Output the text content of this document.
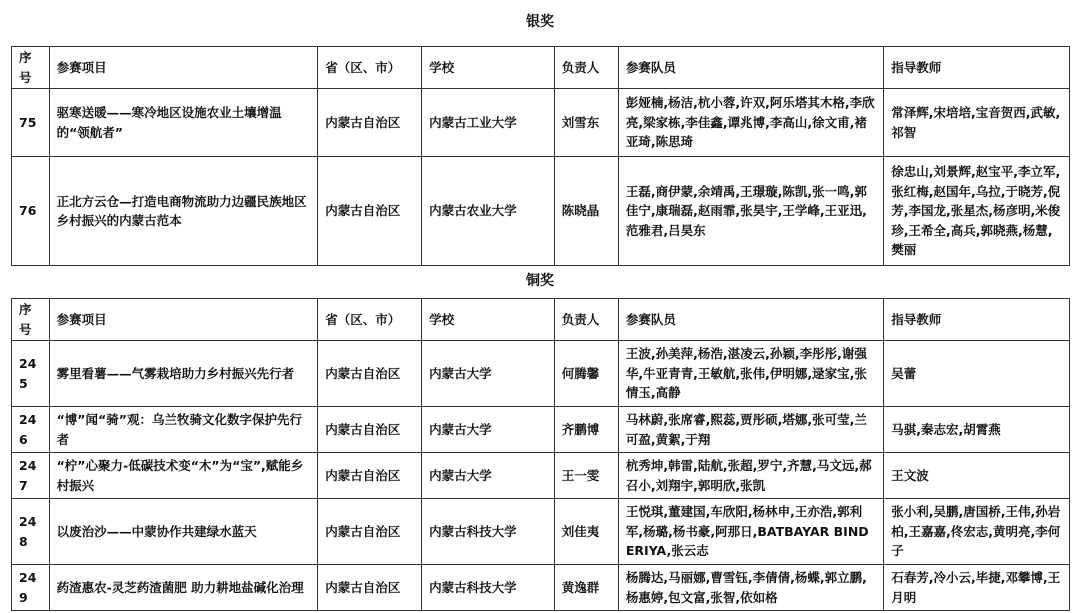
银奖
序号	参赛项目	省（区、市）	学校	负责人	参赛队员	指导教师
75	驱寒送暖——寒冷地区设施农业土壤增温的“领航者”	内蒙古自治区	内蒙古工业大学	刘雪东	彭娅楠,杨洁,杭小蓉,许双,阿乐塔其木格,李欣亮,梁家栋,李佳鑫,谭兆博,李高山,徐文甫,褚亚琦,陈思琦	常泽辉,宋培培,宝音贺西,武敏,祁智
76	正北方云仓—打造电商物流助力边疆民族地区乡村振兴的内蒙古范本	内蒙古自治区	内蒙古农业大学	陈晓晶	王磊,商伊蒙,余靖禹,王璟璇,陈凯,张一鸣,郭佳宁,康瑞磊,赵雨霏,张昊宇,王学峰,王亚迅,范雅君,吕昊东	徐忠山,刘景辉,赵宝平,李立军,张红梅,赵国年,乌拉,于晓芳,倪芳,李国龙,张星杰,杨彦明,米俊珍,王希全,高兵,郭晓燕,杨慧,樊丽
铜奖
序号	参赛项目	省（区、市）	学校	负责人	参赛队员	指导教师
245	雾里看薯——气雾栽培助力乡村振兴先行者	内蒙古自治区	内蒙古大学	何腾馨	王波,孙美萍,杨浩,湛凌云,孙颖,李彤彤,谢强华,牛亚青青,王敏航,张伟,伊明娜,逯家宝,张情玉,高静	吴蕾
246	“博”闻“骑”观：乌兰牧骑文化数字保护先行者	内蒙古自治区	内蒙古大学	齐鹏博	马林蔚,张席睿,熙蕊,贾彤硕,塔娜,张可莹,兰可盈,黄絮,于翔	马骐,秦志宏,胡霄燕
247	“柠”心聚力-低碳技术变“木”为“宝”,赋能乡村振兴	内蒙古自治区	内蒙古大学	王一雯	杭秀坤,韩雷,陆航,张超,罗宁,齐慧,马文远,郝召小,刘翔宇,郭明欣,张凯	王文波
248	以废治沙——中蒙协作共建绿水蓝天	内蒙古自治区	内蒙古科技大学	刘佳夷	王悦琪,董建国,车欣阳,杨林申,王亦浩,郭利军,杨璐,杨书豪,阿那日,BATBAYAR BINDERIYA,张云志	张小利,吴鹏,唐国桥,王伟,孙岩柏,王嘉嘉,佟宏志,黄明亮,李何子
249	药渣惠农-灵芝药渣菌肥 助力耕地盐碱化治理	内蒙古自治区	内蒙古科技大学	黄逸群	杨腾达,马丽娜,曹雪钰,李倩倩,杨蝶,郭立鹏,杨惠婷,包文富,张智,依如格	石春芳,冷小云,毕捷,邓攀博,王月明
